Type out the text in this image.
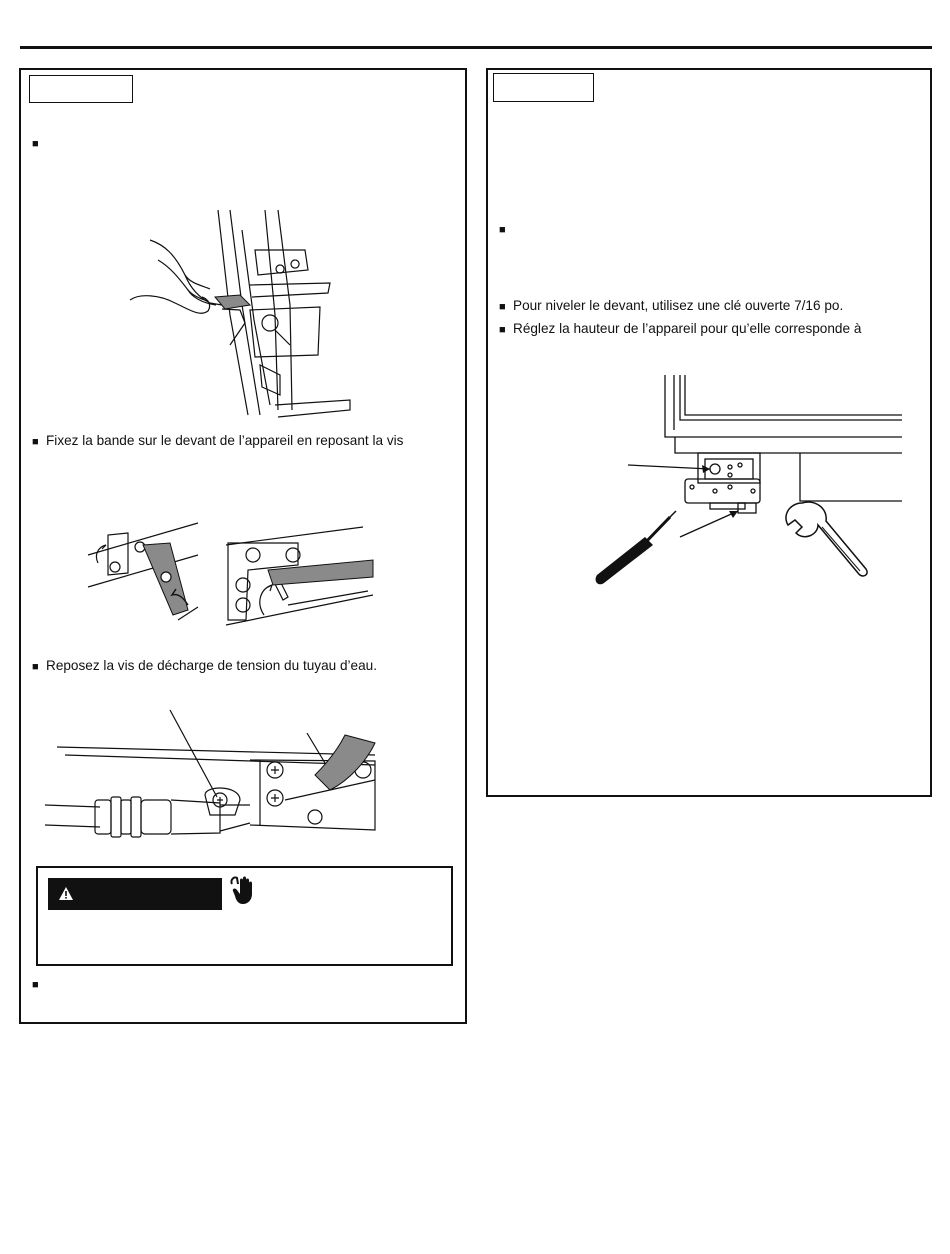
■
■ Fixez la bande sur le devant de l’appareil en reposant la vis
■ Reposez la vis de décharge de tension du tuyau d’eau.
■
■
■ Pour niveler le devant, utilisez une clé ouverte 7/16 po.
■ Réglez la hauteur de l’appareil pour qu’elle corresponde à
